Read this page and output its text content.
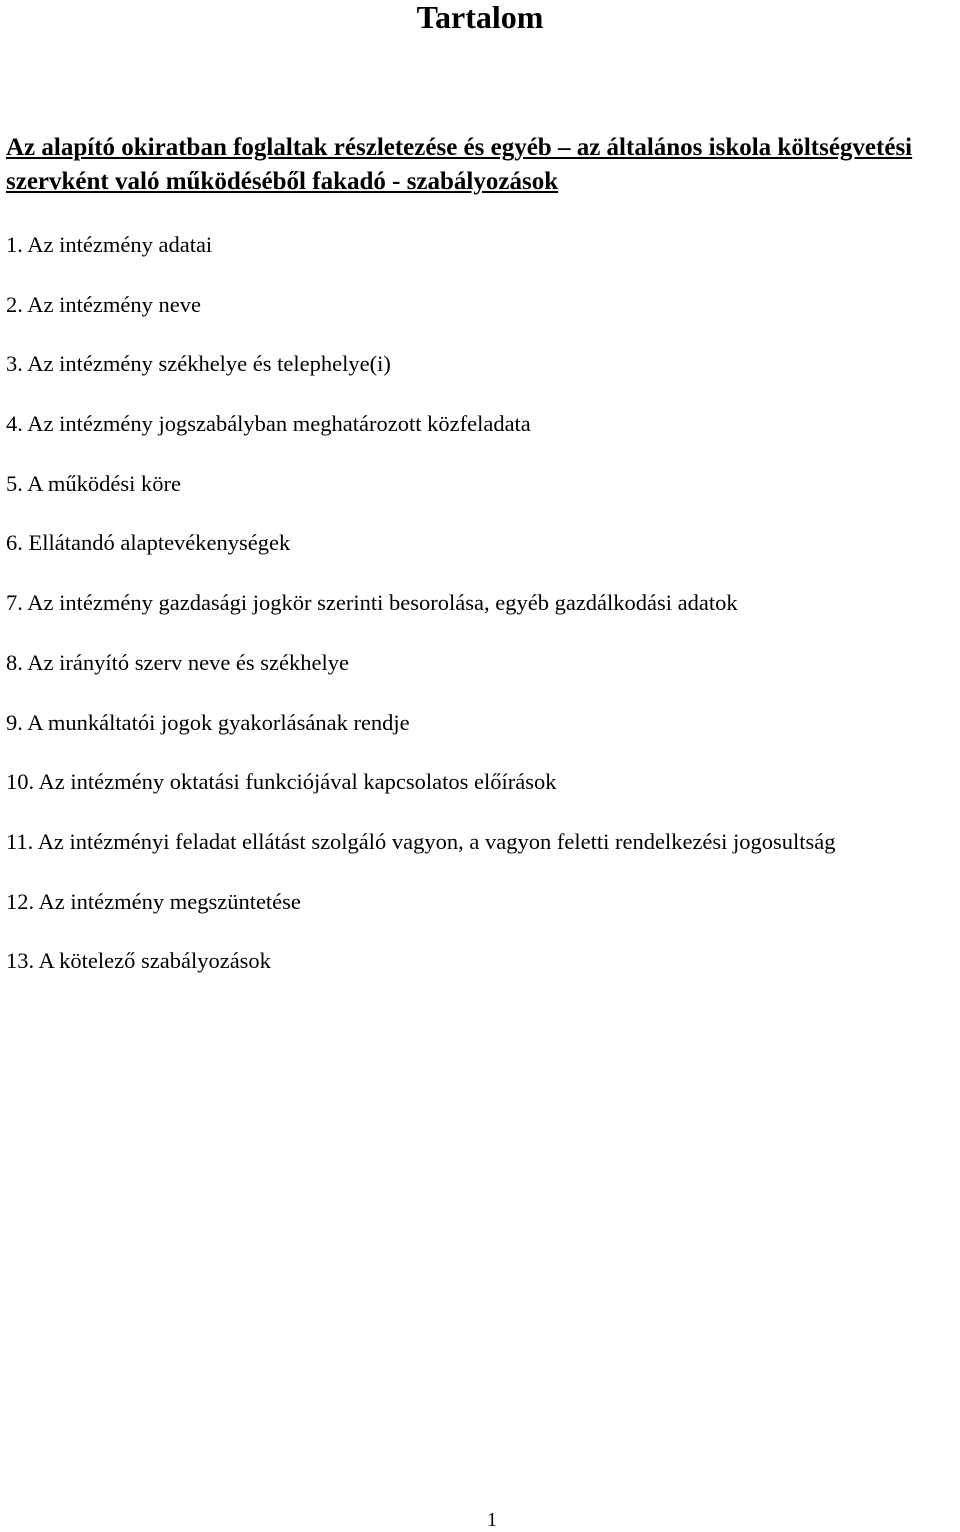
Tartalom
Az alapító okiratban foglaltak részletezése és egyéb – az általános iskola költségvetési szervként való működéséből fakadó - szabályozások
1. Az intézmény adatai
2. Az intézmény neve
3. Az intézmény székhelye és telephelye(i)
4. Az intézmény jogszabályban meghatározott közfeladata
5. A működési köre
6. Ellátandó alaptevékenységek
7. Az intézmény gazdasági jogkör szerinti besorolása, egyéb gazdálkodási adatok
8. Az irányító szerv neve és székhelye
9. A munkáltatói jogok gyakorlásának rendje
10. Az intézmény oktatási funkciójával kapcsolatos előírások
11. Az intézményi feladat ellátást szolgáló vagyon, a vagyon feletti rendelkezési jogosultság
12. Az intézmény megszüntetése
13. A kötelező szabályozások
1
